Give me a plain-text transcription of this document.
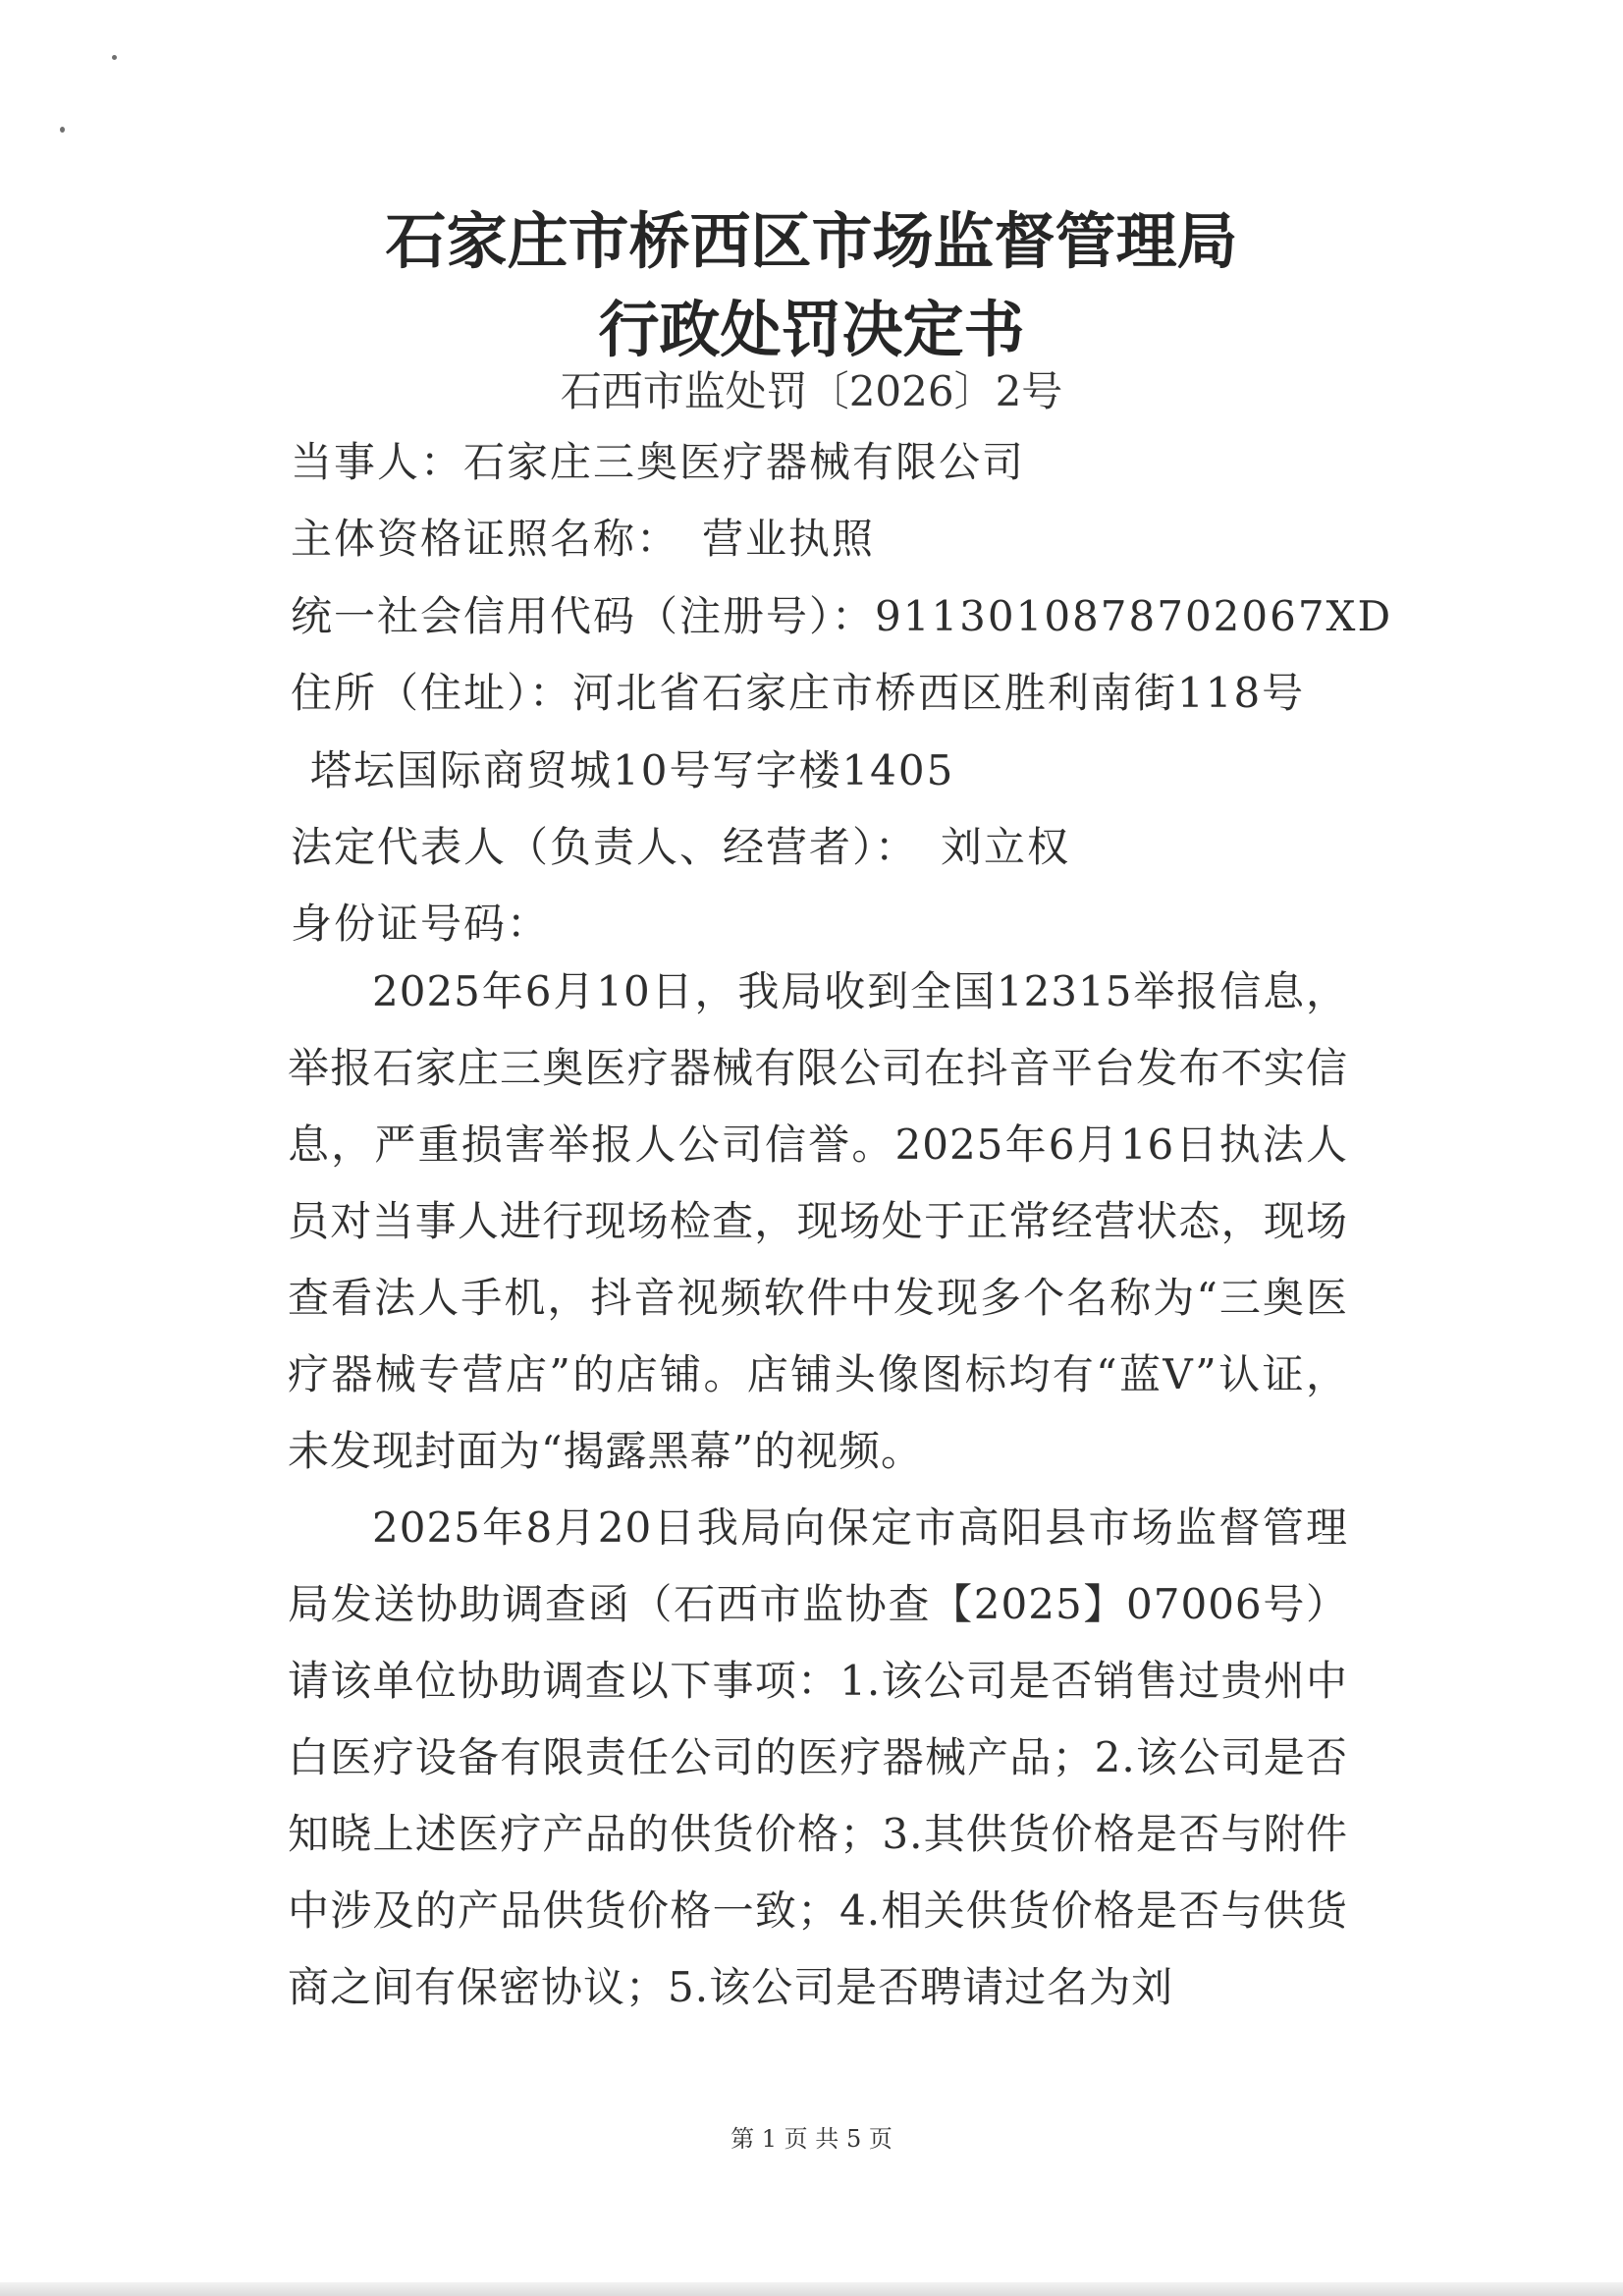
石家庄市桥西区市场监督管理局
行政处罚决定书
石西市监处罚〔2026〕2号
当事人：石家庄三奥医疗器械有限公司
主体资格证照名称：　营业执照
统一社会信用代码（注册号）：9113010878702067XD
住所（住址）：河北省石家庄市桥西区胜利南街118号
塔坛国际商贸城10号写字楼1405
法定代表人（负责人、经营者）：　刘立权
身份证号码：

2025年6月10日，我局收到全国12315举报信息，举报石家庄三奥医疗器械有限公司在抖音平台发布不实信息，严重损害举报人公司信誉。2025年6月16日执法人员对当事人进行现场检查，现场处于正常经营状态，现场查看法人手机，抖音视频软件中发现多个名称为“三奥医疗器械专营店”的店铺。店铺头像图标均有“蓝V”认证，未发现封面为“揭露黑幕”的视频。

2025年8月20日我局向保定市高阳县市场监督管理局发送协助调查函（石西市监协查【2025】07006号）请该单位协助调查以下事项：1.该公司是否销售过贵州中白医疗设备有限责任公司的医疗器械产品；2.该公司是否知晓上述医疗产品的供货价格；3.其供货价格是否与附件中涉及的产品供货价格一致；4.相关供货价格是否与供货商之间有保密协议；5.该公司是否聘请过名为刘

第 1 页 共 5 页
